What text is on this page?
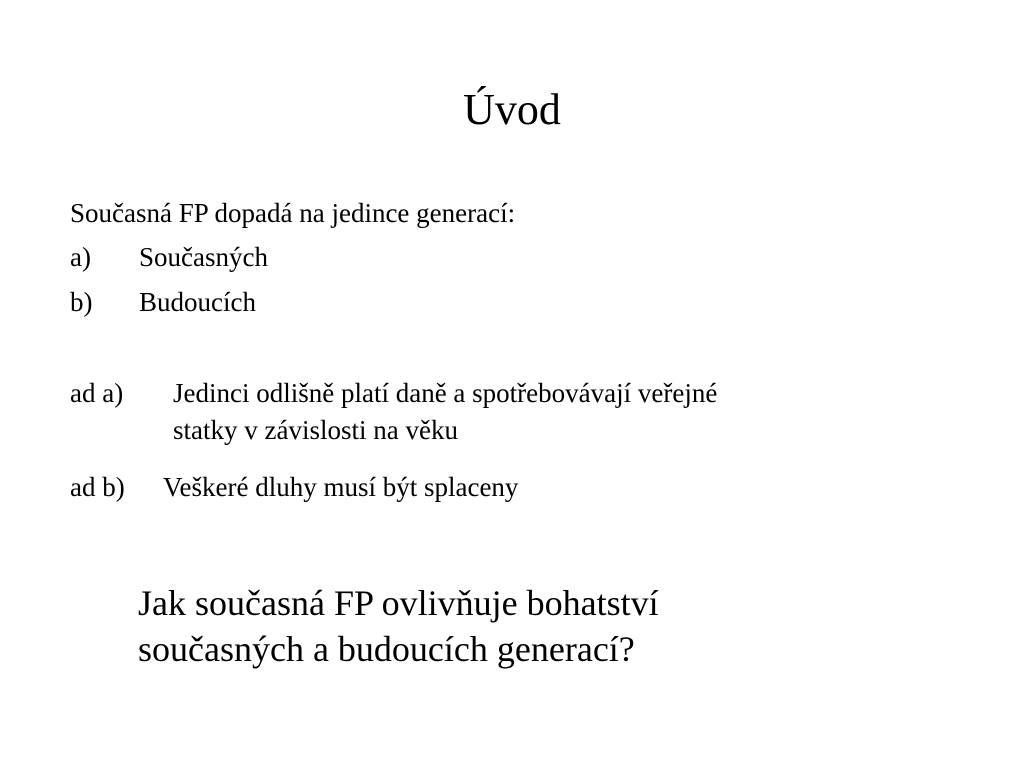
Úvod
Současná FP dopadá na jedince generací:
a) Současných
b) Budoucích
ad a) Jedinci odlišně platí daně a spotřebovávají veřejné
statky v závislosti na věku
ad b) Veškeré dluhy musí být splaceny
Jak současná FP ovlivňuje bohatství
současných a budoucích generací?
